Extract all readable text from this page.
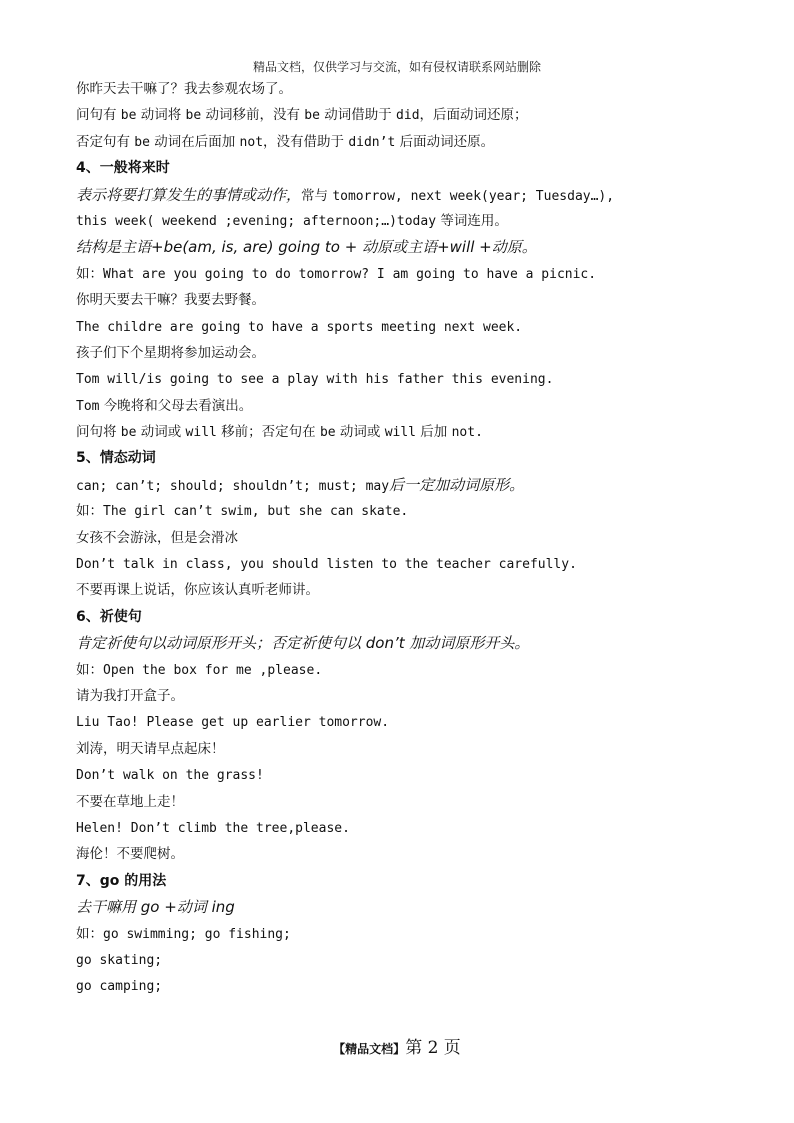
精品文档，仅供学习与交流，如有侵权请联系网站删除
你昨天去干嘛了？我去参观农场了。
问句有 be 动词将 be 动词移前，没有 be 动词借助于 did，后面动词还原；
否定句有 be 动词在后面加 not，没有借助于 didn’t 后面动词还原。
4、一般将来时
表示将要打算发生的事情或动作，常与 tomorrow, next week(year; Tuesday…),
this week( weekend ;evening; afternoon;…)today 等词连用。
结构是主语+be(am, is, are) going to + 动原或主语+will +动原。
如：What are you going to do tomorrow? I am going to have a picnic.
你明天要去干嘛？我要去野餐。
The childre are going to have a sports meeting next week.
孩子们下个星期将参加运动会。
Tom will/is going to see a play with his father this evening.
Tom 今晚将和父母去看演出。
问句将 be 动词或 will 移前；否定句在 be 动词或 will 后加 not.
5、情态动词
can; can’t; should; shouldn’t; must; may后一定加动词原形。
如：The girl can’t swim, but she can skate.
女孩不会游泳，但是会滑冰
Don’t talk in class, you should listen to the teacher carefully.
不要再课上说话，你应该认真听老师讲。
6、祈使句
肯定祈使句以动词原形开头；否定祈使句以 don’t 加动词原形开头。
如：Open the box for me ,please.
请为我打开盒子。
Liu Tao! Please get up earlier tomorrow.
刘涛，明天请早点起床！
Don’t walk on the grass!
不要在草地上走！
Helen! Don’t climb the tree,please.
海伦！不要爬树。
7、go 的用法
去干嘛用 go +动词 ing
如：go swimming; go fishing;
go skating;
go camping;
【精品文档】第 2 页
